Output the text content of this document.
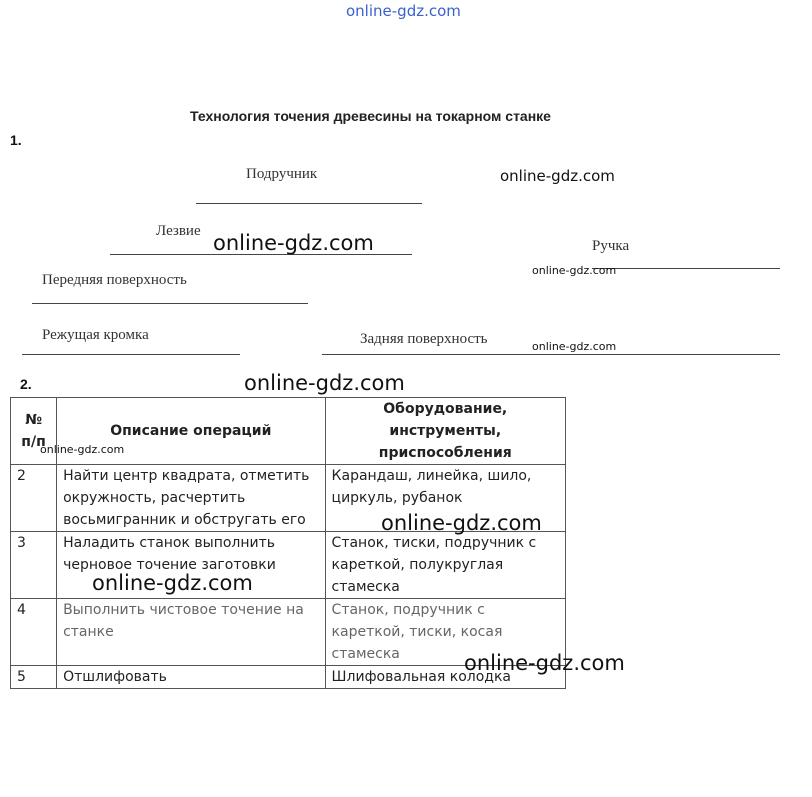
online-gdz.com
Технология точения древесины на токарном станке
1.
Подручник
Лезвие
Ручка
Передняя поверхность
Режущая кромка	Задняя поверхность
2.
№ п/п	Описание операций	Оборудование, инструменты, приспособления
2	Найти центр квадрата, отметить окружность, расчертить восьмигранник и обстругать его	Карандаш, линейка, шило, циркуль, рубанок
3	Наладить станок выполнить черновое точение заготовки	Станок, тиски, подручник с кареткой, полукруглая стамеска
4	Выполнить чистовое точение на станке	Станок, подручник с кареткой, тиски, косая стамеска
5	Отшлифовать	Шлифовальная колодка
online-gdz.com
online-gdz.com
online-gdz.com
online-gdz.com
online-gdz.com
online-gdz.com
online-gdz.com
online-gdz.com
online-gdz.com
